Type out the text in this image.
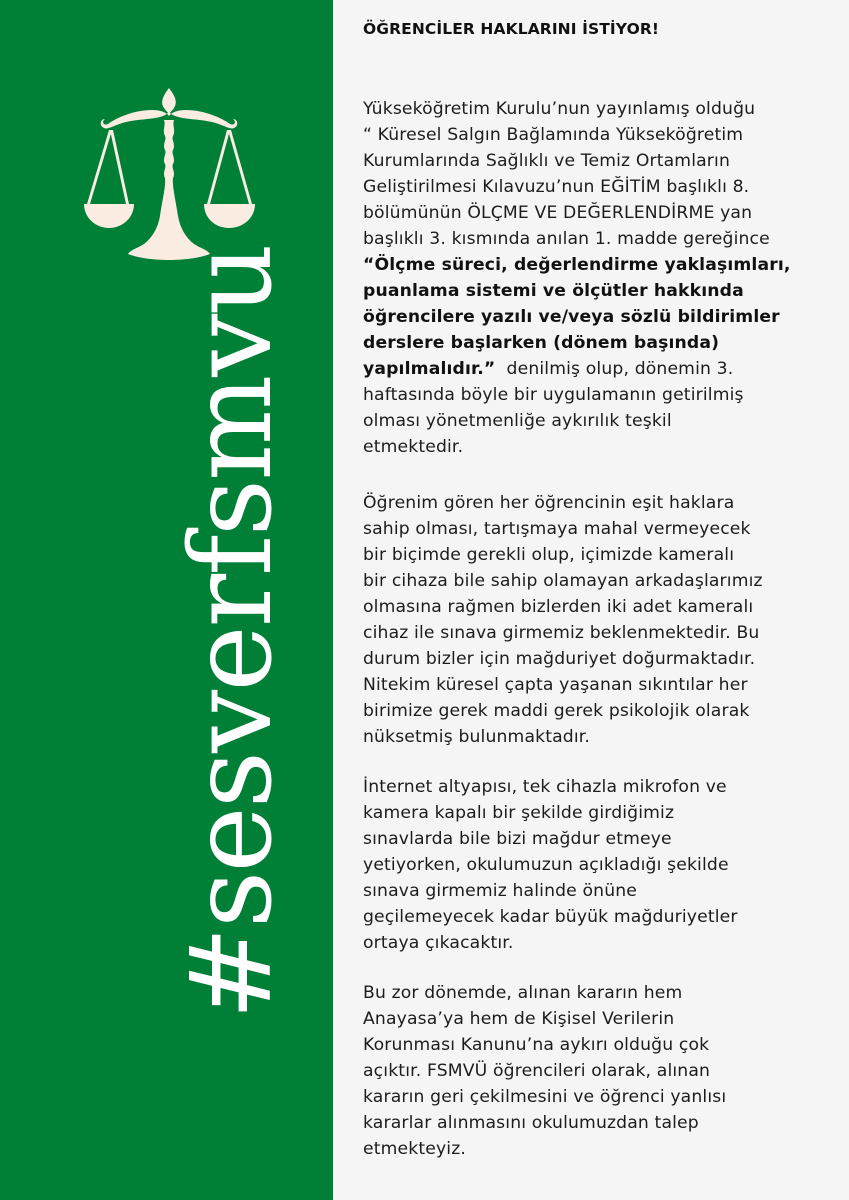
#sesverfsmvu
ÖĞRENCİLER HAKLARINI İSTİYOR!

Yükseköğretim Kurulu’nun yayınlamış olduğu
“ Küresel Salgın Bağlamında Yükseköğretim
Kurumlarında Sağlıklı ve Temiz Ortamların
Geliştirilmesi Kılavuzu’nun EĞİTİM başlıklı 8.
bölümünün ÖLÇME VE DEĞERLENDİRME yan
başlıklı 3. kısmında anılan 1. madde gereğince
“Ölçme süreci, değerlendirme yaklaşımları,
puanlama sistemi ve ölçütler hakkında
öğrencilere yazılı ve/veya sözlü bildirimler
derslere başlarken (dönem başında)
yapılmalıdır.”  denilmiş olup, dönemin 3.
haftasında böyle bir uygulamanın getirilmiş
olması yönetmenliğe aykırılık teşkil
etmektedir.

Öğrenim gören her öğrencinin eşit haklara
sahip olması, tartışmaya mahal vermeyecek
bir biçimde gerekli olup, içimizde kameralı
bir cihaza bile sahip olamayan arkadaşlarımız
olmasına rağmen bizlerden iki adet kameralı
cihaz ile sınava girmemiz beklenmektedir. Bu
durum bizler için mağduriyet doğurmaktadır.
Nitekim küresel çapta yaşanan sıkıntılar her
birimize gerek maddi gerek psikolojik olarak
nüksetmiş bulunmaktadır.

İnternet altyapısı, tek cihazla mikrofon ve
kamera kapalı bir şekilde girdiğimiz
sınavlarda bile bizi mağdur etmeye
yetiyorken, okulumuzun açıkladığı şekilde
sınava girmemiz halinde önüne
geçilemeyecek kadar büyük mağduriyetler
ortaya çıkacaktır.

Bu zor dönemde, alınan kararın hem
Anayasa’ya hem de Kişisel Verilerin
Korunması Kanunu’na aykırı olduğu çok
açıktır. FSMVÜ öğrencileri olarak, alınan
kararın geri çekilmesini ve öğrenci yanlısı
kararlar alınmasını okulumuzdan talep
etmekteyiz.
